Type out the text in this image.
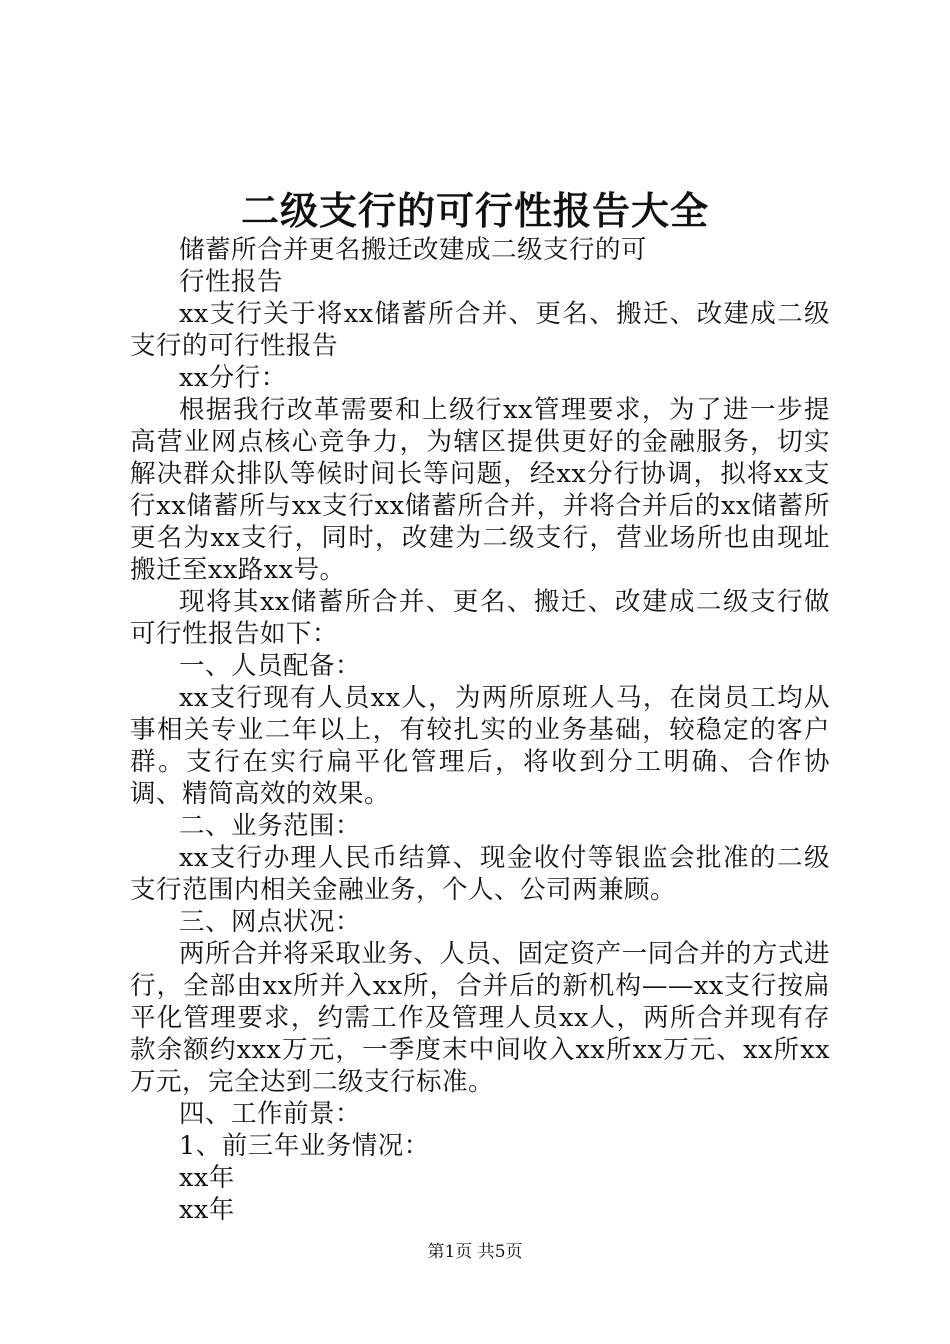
二级支行的可行性报告大全

储蓄所合并更名搬迁改建成二级支行的可

行性报告

xx支行关于将xx储蓄所合并、更名、搬迁、改建成二级支行的可行性报告

xx分行：

根据我行改革需要和上级行xx管理要求，为了进一步提高营业网点核心竞争力，为辖区提供更好的金融服务，切实解决群众排队等候时间长等问题，经xx分行协调，拟将xx支行xx储蓄所与xx支行xx储蓄所合并，并将合并后的xx储蓄所更名为xx支行，同时，改建为二级支行，营业场所也由现址搬迁至xx路xx号。

现将其xx储蓄所合并、更名、搬迁、改建成二级支行做可行性报告如下：

一、人员配备：

xx支行现有人员xx人，为两所原班人马，在岗员工均从事相关专业二年以上，有较扎实的业务基础，较稳定的客户群。支行在实行扁平化管理后，将收到分工明确、合作协调、精简高效的效果。

二、业务范围：

xx支行办理人民币结算、现金收付等银监会批准的二级支行范围内相关金融业务，个人、公司两兼顾。

三、网点状况：

两所合并将采取业务、人员、固定资产一同合并的方式进行，全部由xx所并入xx所，合并后的新机构——xx支行按扁平化管理要求，约需工作及管理人员xx人，两所合并现有存款余额约xxx万元，一季度末中间收入xx所xx万元、xx所xx万元，完全达到二级支行标准。

四、工作前景：

1、前三年业务情况：

xx年

xx年

第1页 共5页
